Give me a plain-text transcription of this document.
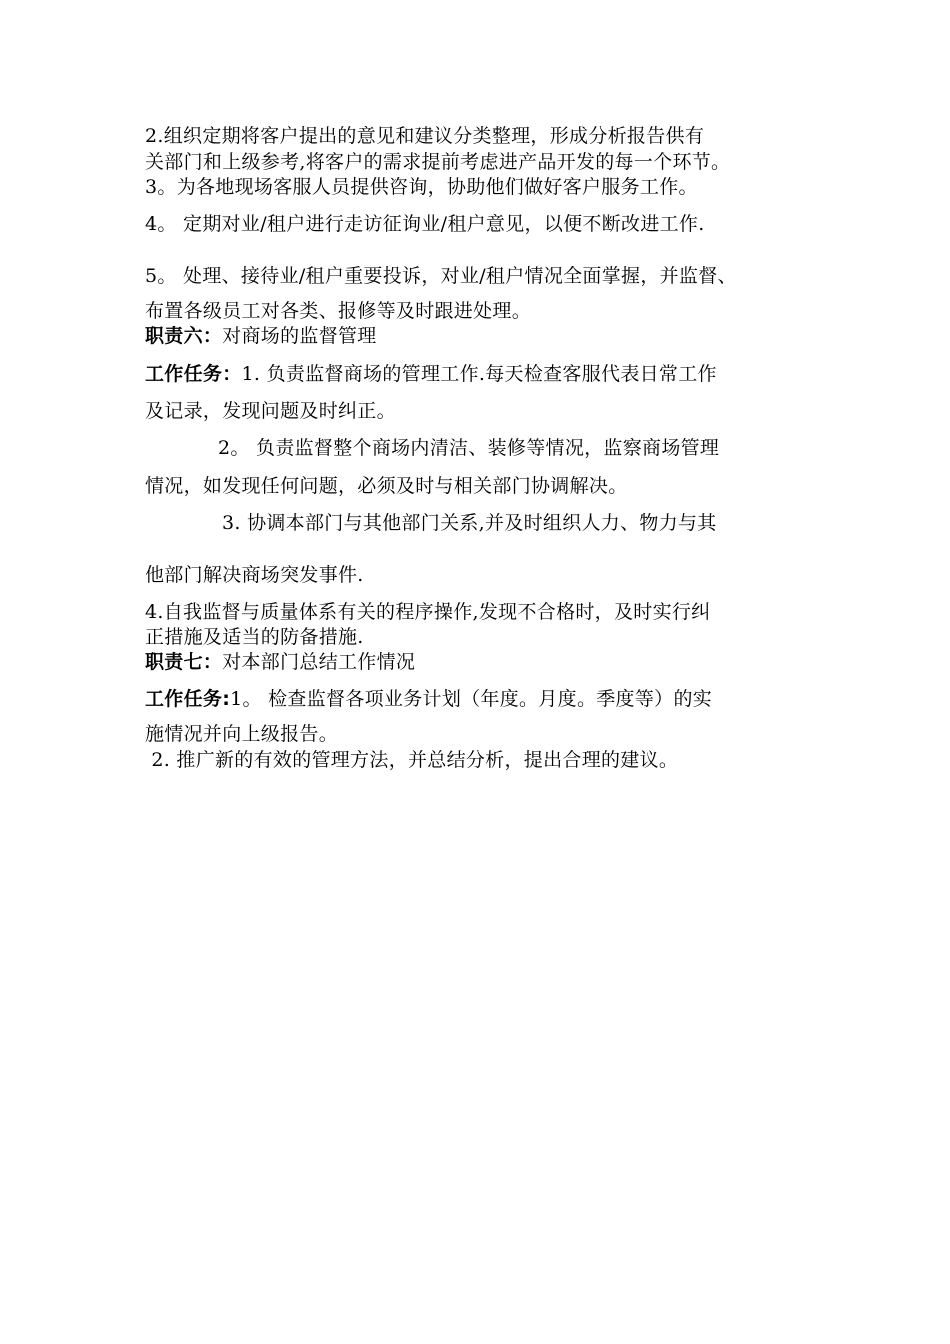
2.组织定期将客户提出的意见和建议分类整理，形成分析报告供有

关部门和上级参考,将客户的需求提前考虑进产品开发的每一个环节。

3。为各地现场客服人员提供咨询，协助他们做好客户服务工作。

4。 定期对业/租户进行走访征询业/租户意见，以便不断改进工作.

5。 处理、接待业/租户重要投诉，对业/租户情况全面掌握，并监督、

布置各级员工对各类、报修等及时跟进处理。

职责六：对商场的监督管理

工作任务：1. 负责监督商场的管理工作.每天检查客服代表日常工作

及记录，发现问题及时纠正。

2。 负责监督整个商场内清洁、装修等情况，监察商场管理

情况，如发现任何问题，必须及时与相关部门协调解决。

3. 协调本部门与其他部门关系,并及时组织人力、物力与其

他部门解决商场突发事件.

4.自我监督与质量体系有关的程序操作,发现不合格时，及时实行纠

正措施及适当的防备措施.

职责七：对本部门总结工作情况

工作任务:1。 检查监督各项业务计划（年度。月度。季度等）的实

施情况并向上级报告。

2. 推广新的有效的管理方法，并总结分析，提出合理的建议。
